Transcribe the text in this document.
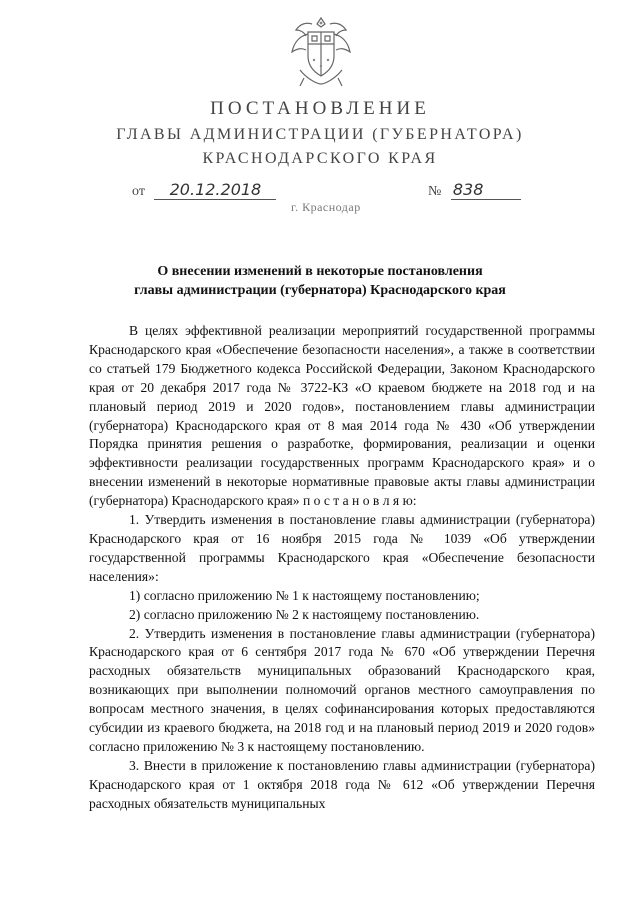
ПОСТАНОВЛЕНИЕ
ГЛАВЫ АДМИНИСТРАЦИИ (ГУБЕРНАТОРА)
КРАСНОДАРСКОГО КРАЯ
от 20.12.2018	№ 838
г. Краснодар
О внесении изменений в некоторые постановления
главы администрации (губернатора) Краснодарского края

В целях эффективной реализации мероприятий государственной программы Краснодарского края «Обеспечение безопасности населения», а также в соответствии со статьей 179 Бюджетного кодекса Российской Федерации, Законом Краснодарского края от 20 декабря 2017 года № 3722-КЗ «О краевом бюджете на 2018 год и на плановый период 2019 и 2020 годов», постановлением главы администрации (губернатора) Краснодарского края от 8 мая 2014 года № 430 «Об утверждении Порядка принятия решения о разработке, формирования, реализации и оценки эффективности реализации государственных программ Краснодарского края» и о внесении изменений в некоторые нормативные правовые акты главы администрации (губернатора) Краснодарского края» п о с т а н о в л я ю:

1. Утвердить изменения в постановление главы администрации (губернатора) Краснодарского края от 16 ноября 2015 года № 1039 «Об утверждении государственной программы Краснодарского края «Обеспечение безопасности населения»:

1) согласно приложению № 1 к настоящему постановлению;

2) согласно приложению № 2 к настоящему постановлению.

2. Утвердить изменения в постановление главы администрации (губернатора) Краснодарского края от 6 сентября 2017 года № 670 «Об утверждении Перечня расходных обязательств муниципальных образований Краснодарского края, возникающих при выполнении полномочий органов местного самоуправления по вопросам местного значения, в целях софинансирования которых предоставляются субсидии из краевого бюджета, на 2018 год и на плановый период 2019 и 2020 годов» согласно приложению № 3 к настоящему постановлению.

3. Внести в приложение к постановлению главы администрации (губернатора) Краснодарского края от 1 октября 2018 года № 612 «Об утверждении Перечня расходных обязательств муниципальных
